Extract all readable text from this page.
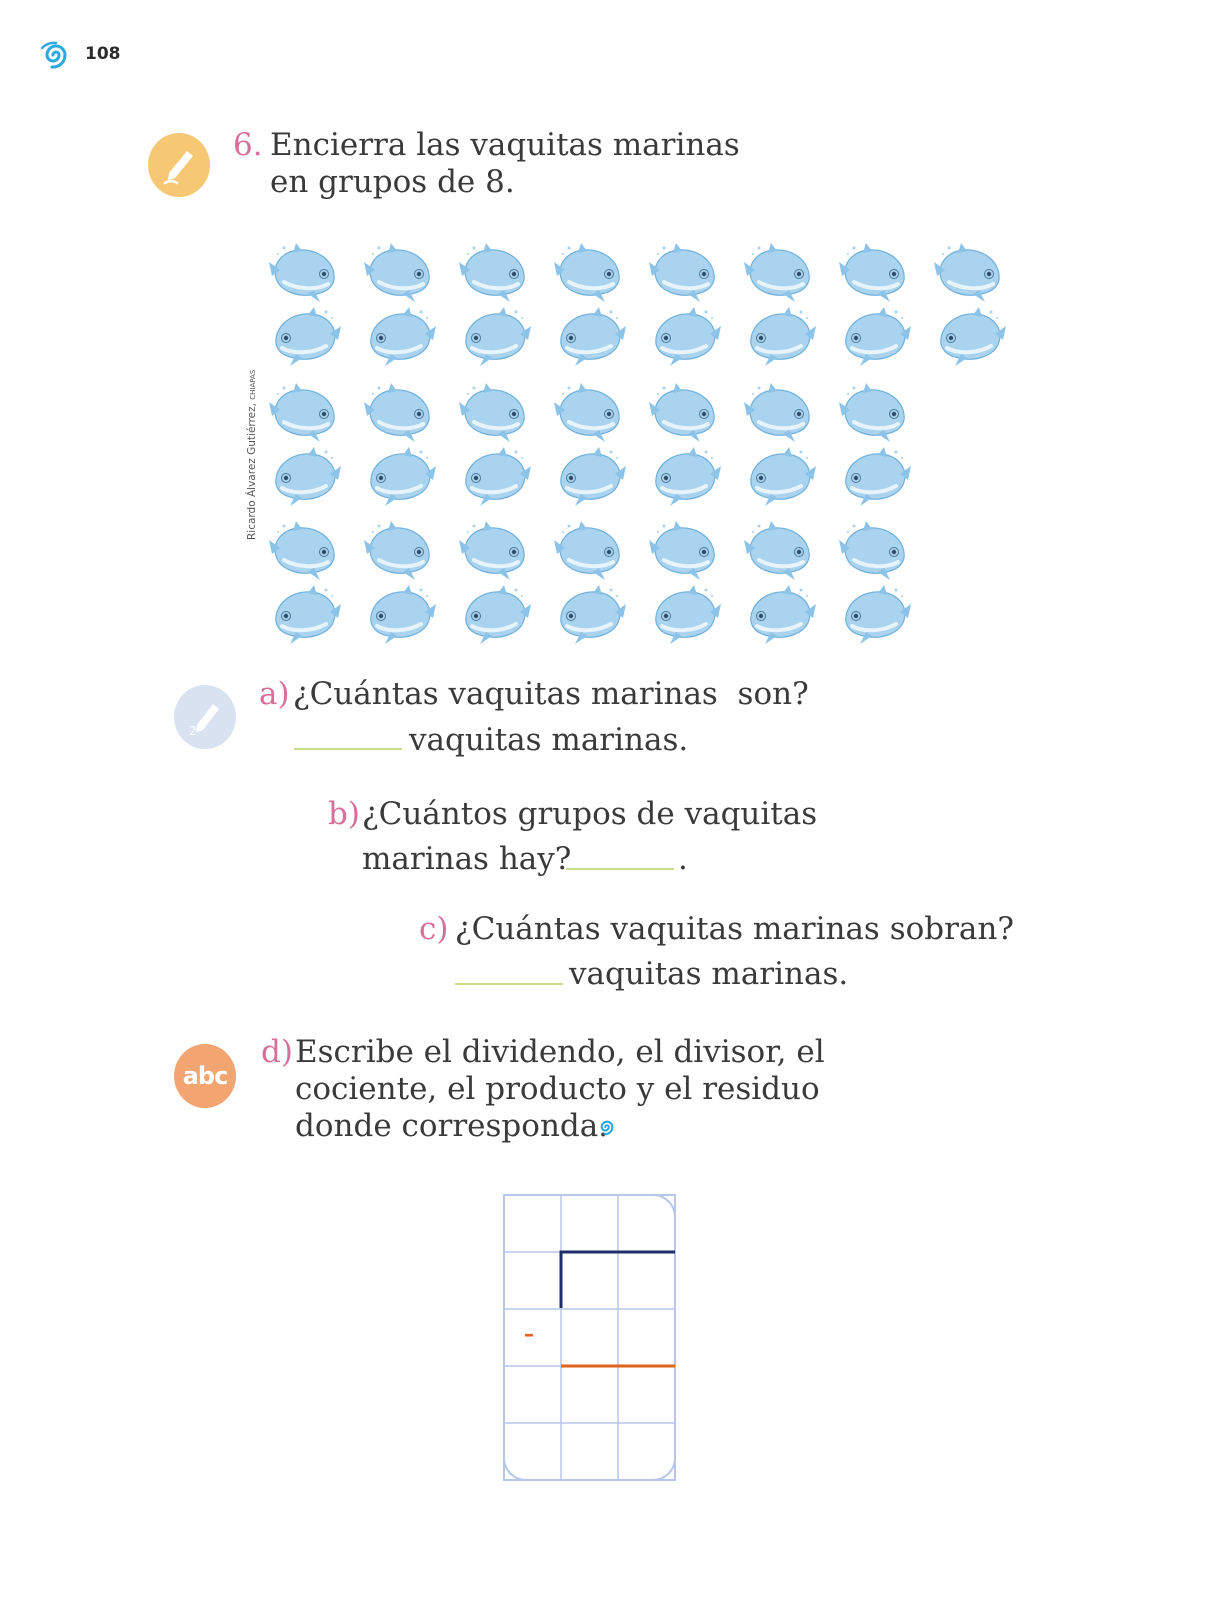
108
6. Encierra las vaquitas marinas
en grupos de 8.
Ricardo Álvarez Gutiérrez, CHIAPAS
2
a) ¿Cuántas vaquitas marinas  son?
vaquitas marinas.
b) ¿Cuántos grupos de vaquitas
marinas hay?	.
c) ¿Cuántas vaquitas marinas sobran?
vaquitas marinas.
abc
d) Escribe el dividendo, el divisor, el
cociente, el producto y el residuo
donde corresponda.
–
